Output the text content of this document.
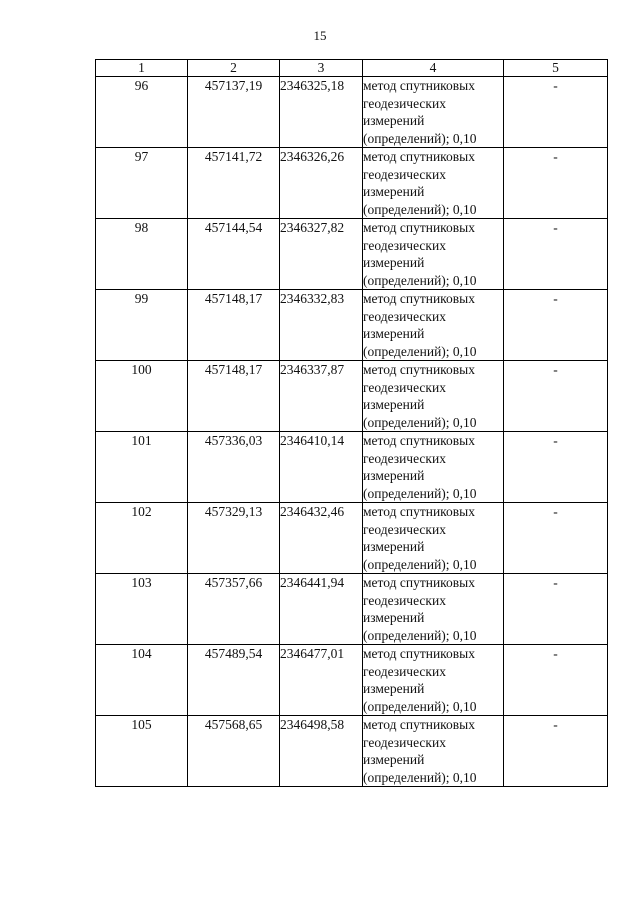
15
1	2	3	4	5
96	457137,19	2346325,18	метод спутниковых
геодезических
измерений
(определений); 0,10	-
97	457141,72	2346326,26	метод спутниковых
геодезических
измерений
(определений); 0,10	-
98	457144,54	2346327,82	метод спутниковых
геодезических
измерений
(определений); 0,10	-
99	457148,17	2346332,83	метод спутниковых
геодезических
измерений
(определений); 0,10	-
100	457148,17	2346337,87	метод спутниковых
геодезических
измерений
(определений); 0,10	-
101	457336,03	2346410,14	метод спутниковых
геодезических
измерений
(определений); 0,10	-
102	457329,13	2346432,46	метод спутниковых
геодезических
измерений
(определений); 0,10	-
103	457357,66	2346441,94	метод спутниковых
геодезических
измерений
(определений); 0,10	-
104	457489,54	2346477,01	метод спутниковых
геодезических
измерений
(определений); 0,10	-
105	457568,65	2346498,58	метод спутниковых
геодезических
измерений
(определений); 0,10	-
